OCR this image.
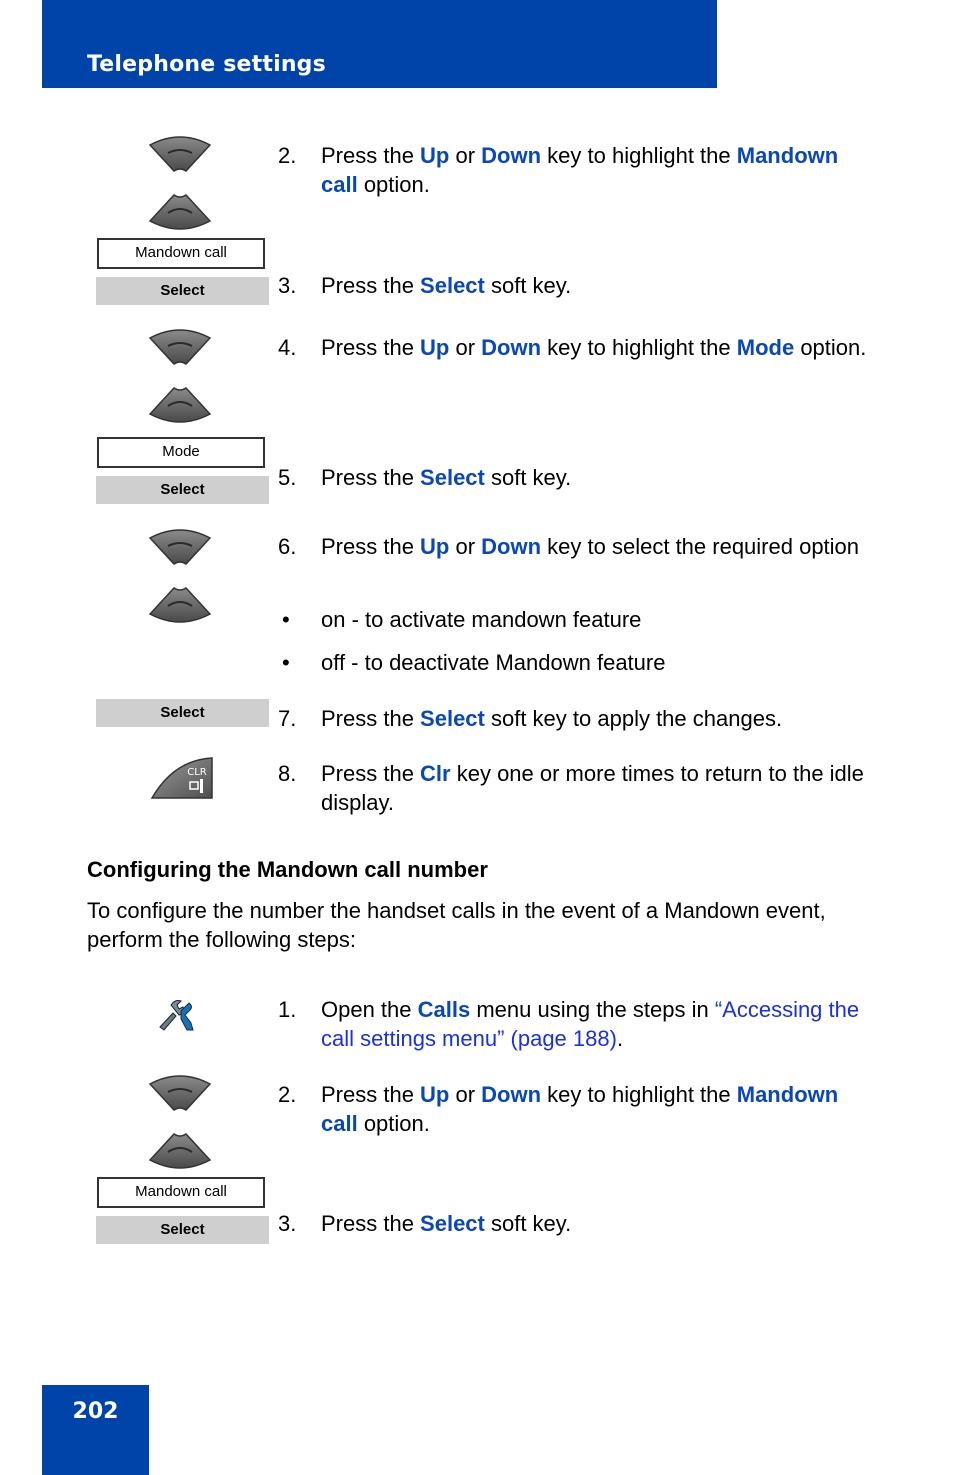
Telephone settings
2. Press the Up or Down key to highlight the Mandown call option.
Mandown call
Select	3. Press the Select soft key.
4. Press the Up or Down key to highlight the Mode option.
Mode
Select	5. Press the Select soft key.
6. Press the Up or Down key to select the required option
• on - to activate mandown feature
• off - to deactivate Mandown feature
Select	7. Press the Select soft key to apply the changes.
CLR	8. Press the Clr key one or more times to return to the idle display.
Configuring the Mandown call number
To configure the number the handset calls in the event of a Mandown event, perform the following steps:
1. Open the Calls menu using the steps in “Accessing the call settings menu” (page 188).
2. Press the Up or Down key to highlight the Mandown call option.
Mandown call
Select	3. Press the Select soft key.
202
